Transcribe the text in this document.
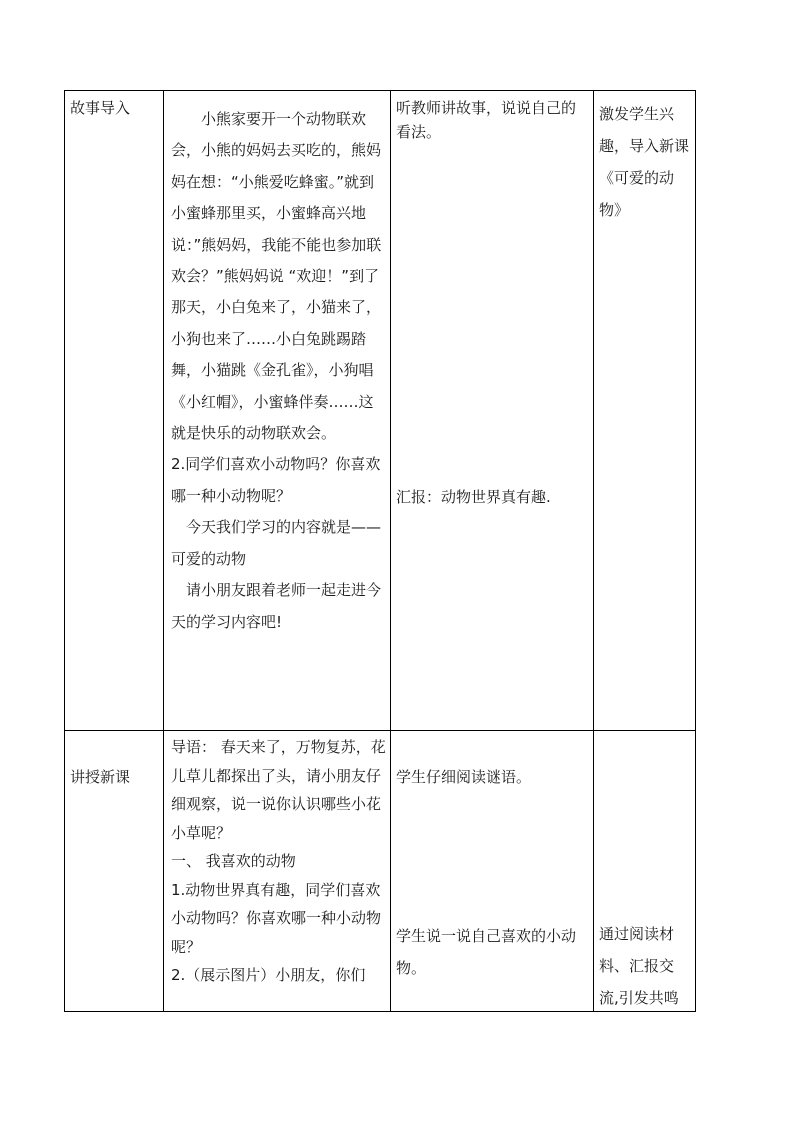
故事导入
　　小熊家要开一个动物联欢会，小熊的妈妈去买吃的，熊妈妈在想：“小熊爱吃蜂蜜。”就到小蜜蜂那里买，小蜜蜂高兴地说：”熊妈妈，我能不能也参加联欢会？”熊妈妈说 “欢迎！”到了那天，小白兔来了，小猫来了，小狗也来了……小白兔跳踢踏舞，小猫跳《金孔雀》，小狗唱《小红帽》，小蜜蜂伴奏……这就是快乐的动物联欢会。
2.同学们喜欢小动物吗？你喜欢哪一种小动物呢？
　今天我们学习的内容就是——可爱的动物
　请小朋友跟着老师一起走进今天的学习内容吧!
听教师讲故事，说说自己的看法。
汇报：动物世界真有趣.
激发学生兴趣，导入新课《可爱的动物》
讲授新课
导语： 春天来了，万物复苏，花儿草儿都探出了头，请小朋友仔细观察，说一说你认识哪些小花小草呢？
一、 我喜欢的动物
1.动物世界真有趣，同学们喜欢小动物吗？你喜欢哪一种小动物呢？
2.（展示图片）小朋友，你们
学生仔细阅读谜语。
学生说一说自己喜欢的小动物。
通过阅读材料、汇报交流,引发共鸣
